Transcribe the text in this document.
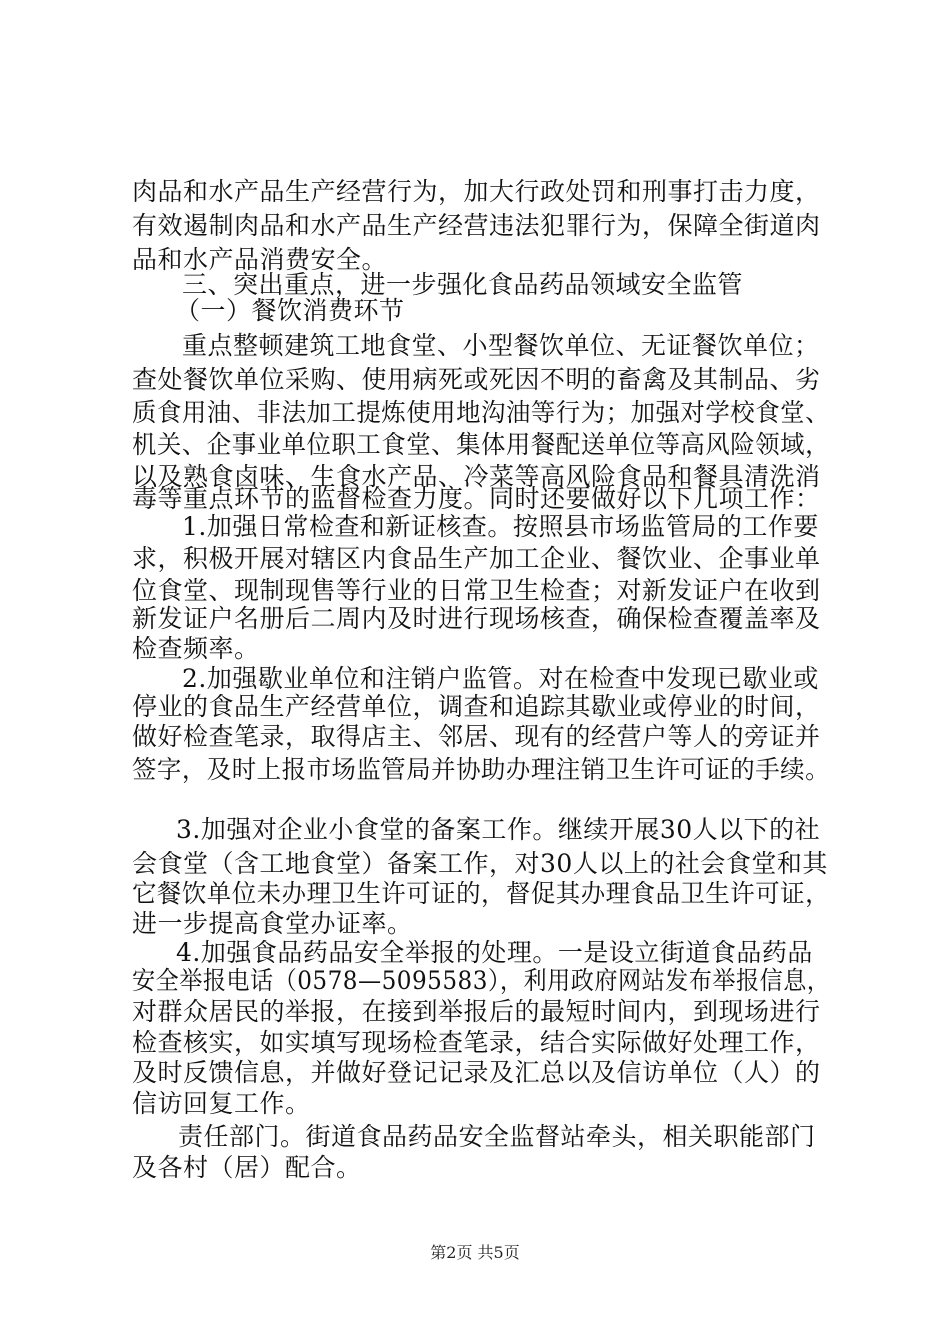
肉品和水产品生产经营行为，加大行政处罚和刑事打击力度，
有效遏制肉品和水产品生产经营违法犯罪行为，保障全街道肉
品和水产品消费安全。
三、突出重点，进一步强化食品药品领域安全监管
（一）餐饮消费环节
重点整顿建筑工地食堂、小型餐饮单位、无证餐饮单位；
查处餐饮单位采购、使用病死或死因不明的畜禽及其制品、劣
质食用油、非法加工提炼使用地沟油等行为；加强对学校食堂、
机关、企事业单位职工食堂、集体用餐配送单位等高风险领域，
以及熟食卤味、生食水产品、冷菜等高风险食品和餐具清洗消
毒等重点环节的监督检查力度。同时还要做好以下几项工作：
1.加强日常检查和新证核查。按照县市场监管局的工作要
求，积极开展对辖区内食品生产加工企业、餐饮业、企事业单
位食堂、现制现售等行业的日常卫生检查；对新发证户在收到
新发证户名册后二周内及时进行现场核查，确保检查覆盖率及
检查频率。
2.加强歇业单位和注销户监管。对在检查中发现已歇业或
停业的食品生产经营单位，调查和追踪其歇业或停业的时间，
做好检查笔录，取得店主、邻居、现有的经营户等人的旁证并
签字，及时上报市场监管局并协助办理注销卫生许可证的手续。
3.加强对企业小食堂的备案工作。继续开展30人以下的社
会食堂（含工地食堂）备案工作，对30人以上的社会食堂和其
它餐饮单位未办理卫生许可证的，督促其办理食品卫生许可证，
进一步提高食堂办证率。
4.加强食品药品安全举报的处理。一是设立街道食品药品
安全举报电话（0578—5095583），利用政府网站发布举报信息，
对群众居民的举报，在接到举报后的最短时间内，到现场进行
检查核实，如实填写现场检查笔录，结合实际做好处理工作，
及时反馈信息，并做好登记记录及汇总以及信访单位（人）的
信访回复工作。
责任部门。街道食品药品安全监督站牵头，相关职能部门
及各村（居）配合。
第2页 共5页
